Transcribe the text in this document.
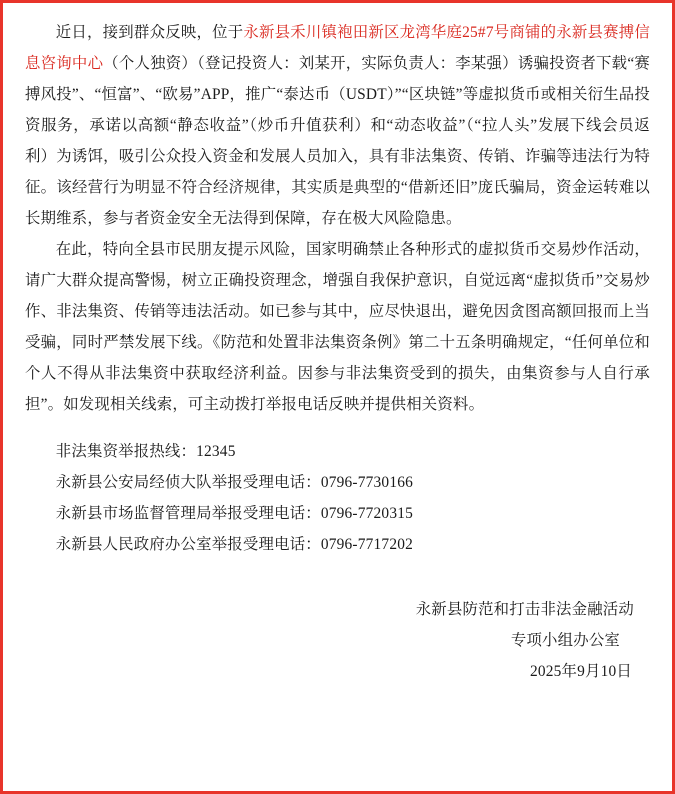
近日，接到群众反映，位于永新县禾川镇袍田新区龙湾华庭25#7号商铺的永新县赛搏信息咨询中心（个人独资）（登记投资人：刘某开，实际负责人：李某强）诱骗投资者下载“赛搏风投”、“恒富”、“欧易”APP，推广“泰达币（USDT）”“区块链”等虚拟货币或相关衍生品投资服务，承诺以高额“静态收益”（炒币升值获利）和“动态收益”（“拉人头”发展下线会员返利）为诱饵，吸引公众投入资金和发展人员加入，具有非法集资、传销、诈骗等违法行为特征。该经营行为明显不符合经济规律，其实质是典型的“借新还旧”庞氏骗局，资金运转难以长期维系，参与者资金安全无法得到保障，存在极大风险隐患。

在此，特向全县市民朋友提示风险，国家明确禁止各种形式的虚拟货币交易炒作活动，请广大群众提高警惕，树立正确投资理念，增强自我保护意识，自觉远离“虚拟货币”交易炒作、非法集资、传销等违法活动。如已参与其中，应尽快退出，避免因贪图高额回报而上当受骗，同时严禁发展下线。《防范和处置非法集资条例》第二十五条明确规定，“任何单位和个人不得从非法集资中获取经济利益。因参与非法集资受到的损失，由集资参与人自行承担”。如发现相关线索，可主动拨打举报电话反映并提供相关资料。

非法集资举报热线：12345
永新县公安局经侦大队举报受理电话：0796-7730166
永新县市场监督管理局举报受理电话：0796-7720315
永新县人民政府办公室举报受理电话：0796-7717202
永新县防范和打击非法金融活动
专项小组办公室
2025年9月10日
